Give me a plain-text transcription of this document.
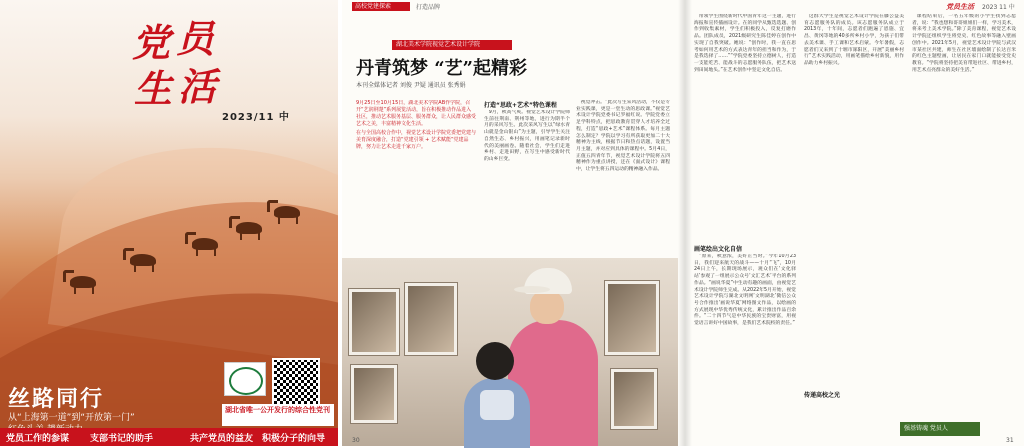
党 员
生 活
2023/11 中
丝路同行
从“上海第一道”到“开放第一门”
湖北省唯一公开发行的综合性党刊
党员工作的参谋 支部书记的助手	共产党员的益友 积极分子的向导
高校党建探索	打造品牌	党员生活 2023 11 中
湖北美术学院视觉艺术设计学院
丹青筑梦 “艺”起精彩
本刊全媒体记者 刘俊 尹疑 通讯员 张秀娟
9月25日至10月15日，湖北美术学院AB作学院，召开“艺润荆楚”系列展览活动，旨在积极推动作品进入社区，推动艺术服务基层、服务群众，让人民群众感受艺术之美，丰富精神文化生活。
在与全国高校合作中，视觉艺术设计学院党委把党建与美育深度融合，打造“党建引领 + 艺术赋能”党建品牌，努力让艺术走进千家万户。
打造“思政+艺术”特色课程

9月，秋高气爽。视觉艺术设计学院师生前往荆南、荆州等地，进行为期半个月的采风写生。此次采风写生以“绿水青山就是金山银山”为主题，引导学生关注自然生态、乡村振兴，用画笔记录新时代的美丽画卷。随着社会，学生们走进乡村、走进田野，在写生中感受新时代的山乡巨变。

视觉冲击。“此次写生采风活动，不仅是专业实践课，更是一堂生动的思政课。”视觉艺术设计学院党委书记罗福红说。学院党委立足学科特点，把思政教育贯穿人才培养全过程，打造“思政+艺术”课程体系。每月主题怎么制定？学院以学习有所获取更加二十大精神为主线，根据节日和热点话题，设置当月主题，并对应到具体的课程中。5月4日，正值五四青年节，视觉艺术设计学院将五四精神作为重点讲授，还在《面式设计》课程中，让学生将五四运动的精神融入作品。

带领学生围绕新时代中国青年这一主题，进行海报和宣传插画设计。在的同学从甄选选题、创作到收集素材，学生们积极投入，反复打磨作品。团队成员，2021级研究生陈佳婷在创作中实现了自我突破。她说：“创作时，我一直在思考如何用艺术的方式表达青年的担当和作为，于是我选择了……”“学院党委坚持立德树人，打造一支能吃苦、能战斗的志愿服务队伍，把艺术送到田间地头。”在艺术创作中坚定文化自信。

画笔绘出文化自信

“原来，秋意浓，美好正当时。”今年10月23日，我们迎来航天的战斗——十月“飞”，10月24日上午，长期现场展示，观众们在‘文化驿站’参观了一组展示公众号‘文汇艺术’平台的系列作品。“画说华夏”中生动有趣的画面，由视觉艺术设计学院师生完成。从2022年5月开始，视觉艺术设计学院与湖北文明网‘文明湖北’微信公众号合作推出‘画说华夏’网络图文作品，以绘画的方式展现中华优秀传统文化，累计推出作品百余件。“二十四节气是中华民族的宝贵财富，用视觉语言讲好中国故事，是我们艺术院校的责任。”

这群大学生是视觉艺术设计学院在藤公益美育志愿服务队的成员。该志愿服务队成立于2013年，十年间，志愿者们跑遍了恩施、宜昌、黄冈等地的40多所乡村小学，为孩子们带去美术课、手工课和艺术启蒙。今年暑假，志愿者们又来到了十堰市郧阳区，开展“美丽乡村行”艺术实践活动，用画笔描绘乡村新貌，用作品助力乡村振兴。

传递高校之光

课程结束后，一名五年级的小学生找到志愿者，说：“我也想和哥哥姐姐们一样，学习美术，将来考上美术学院。”除了美育课程，视觉艺术设计学院还组织学生将党史、红色故事等融入壁画创作中。2021年5月，视觉艺术设计学院与武汉市某社区共建，师生在社区墙面绘制了长达百米的红色主题壁画，让居民在家门口就能接受党史教育。“学院将坚持把美育带进社区、带进乡村，用艺术点亮群众的美好生活。”

强基铸魂 党员人
30	31
